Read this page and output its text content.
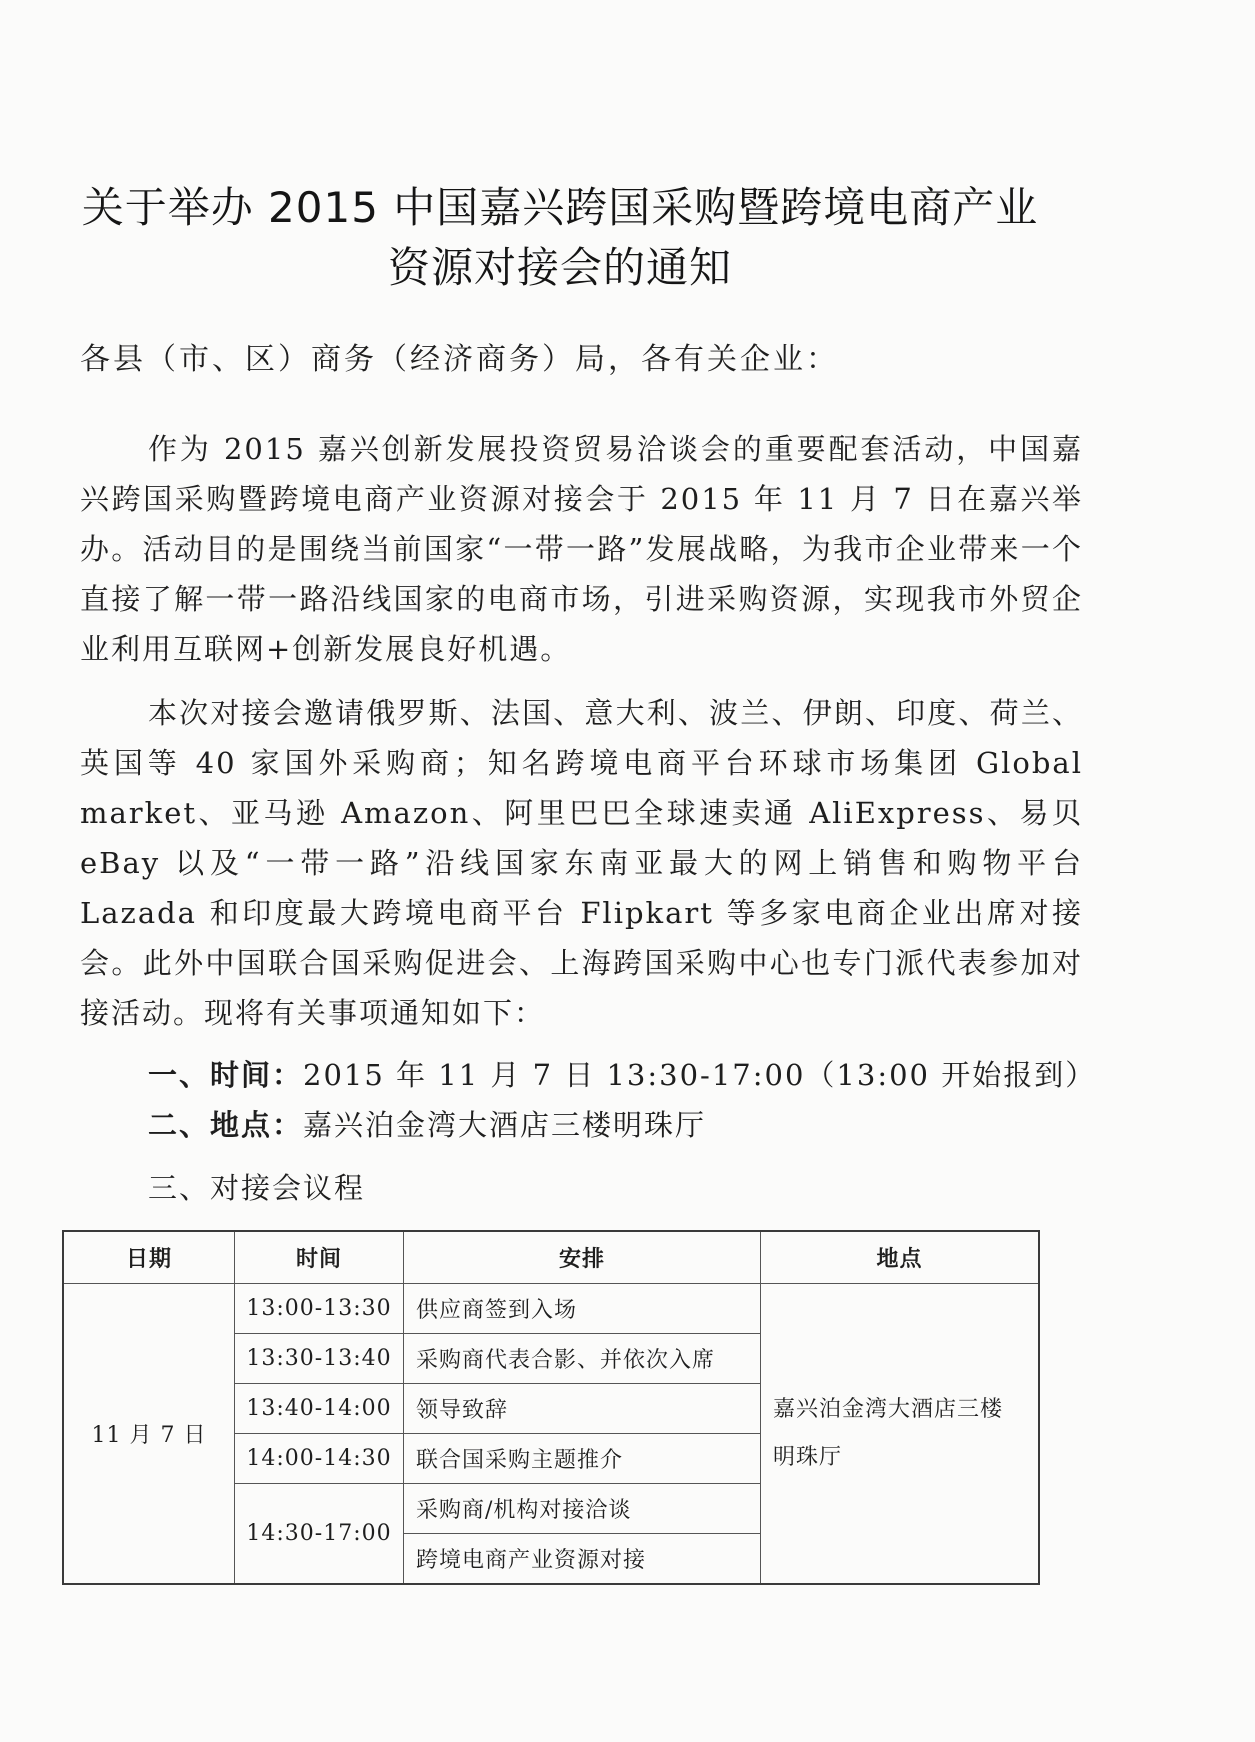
关于举办 2015 中国嘉兴跨国采购暨跨境电商产业
资源对接会的通知
各县（市、区）商务（经济商务）局，各有关企业：

作为 2015 嘉兴创新发展投资贸易洽谈会的重要配套活动，中国嘉兴跨国采购暨跨境电商产业资源对接会于 2015 年 11 月 7 日在嘉兴举办。活动目的是围绕当前国家“一带一路”发展战略，为我市企业带来一个直接了解一带一路沿线国家的电商市场，引进采购资源，实现我市外贸企业利用互联网+创新发展良好机遇。

本次对接会邀请俄罗斯、法国、意大利、波兰、伊朗、印度、荷兰、英国等 40 家国外采购商；知名跨境电商平台环球市场集团 Global market、亚马逊 Amazon、阿里巴巴全球速卖通 AliExpress、易贝 eBay 以及“一带一路”沿线国家东南亚最大的网上销售和购物平台 Lazada 和印度最大跨境电商平台 Flipkart 等多家电商企业出席对接会。此外中国联合国采购促进会、上海跨国采购中心也专门派代表参加对接活动。现将有关事项通知如下：

一、时间：2015 年 11 月 7 日 13:30-17:00（13:00 开始报到）
二、地点：嘉兴泊金湾大酒店三楼明珠厅
三、对接会议程
日期	时间	安排	地点
11 月 7 日	13:00-13:30	供应商签到入场	嘉兴泊金湾大酒店三楼
明珠厅
	13:30-13:40	采购商代表合影、并依次入席	
	13:40-14:00	领导致辞	
	14:00-14:30	联合国采购主题推介	
	14:30-17:00	采购商/机构对接洽谈	
		跨境电商产业资源对接	
